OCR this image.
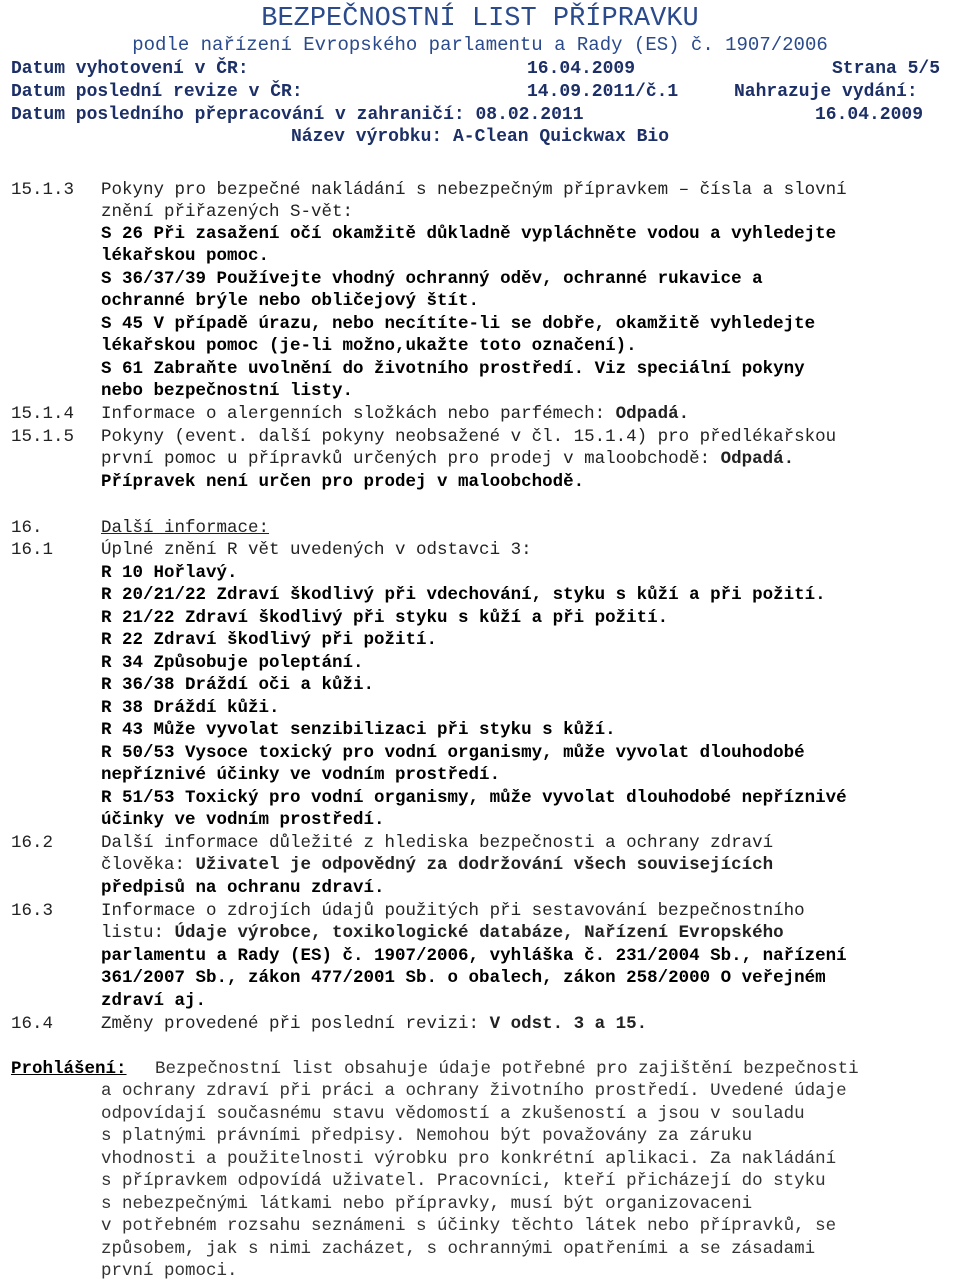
BEZPEČNOSTNÍ LIST PŘÍPRAVKU
podle nařízení Evropského parlamentu a Rady (ES) č. 1907/2006
Datum vyhotovení v ČR:	16.04.2009	Strana 5/5
Datum poslední revize v ČR:	14.09.2011/č.1	Nahrazuje vydání:
Datum posledního přepracování v zahraničí: 08.02.2011	16.04.2009
Název výrobku: A-Clean Quickwax Bio
15.1.3 Pokyny pro bezpečné nakládání s nebezpečným přípravkem – čísla a slovní
znění přiřazených S-vět:
S 26 Při zasažení očí okamžitě důkladně vypláchněte vodou a vyhledejte
lékařskou pomoc.
S 36/37/39 Používejte vhodný ochranný oděv, ochranné rukavice a
ochranné brýle nebo obličejový štít.
S 45 V případě úrazu, nebo necítíte-li se dobře, okamžitě vyhledejte
lékařskou pomoc (je-li možno,ukažte toto označení).
S 61 Zabraňte uvolnění do životního prostředí. Viz speciální pokyny
nebo bezpečnostní listy.
15.1.4 Informace o alergenních složkách nebo parfémech: Odpadá.
15.1.5 Pokyny (event. další pokyny neobsažené v čl. 15.1.4) pro předlékařskou
první pomoc u přípravků určených pro prodej v maloobchodě: Odpadá.
Přípravek není určen pro prodej v maloobchodě.
16.	Další informace:
16.1	Úplné znění R vět uvedených v odstavci 3:
R 10 Hořlavý.
R 20/21/22 Zdraví škodlivý při vdechování, styku s kůží a při požití.
R 21/22 Zdraví škodlivý při styku s kůží a při požití.
R 22 Zdraví škodlivý při požití.
R 34 Způsobuje poleptání.
R 36/38 Dráždí oči a kůži.
R 38 Dráždí kůži.
R 43 Může vyvolat senzibilizaci při styku s kůží.
R 50/53 Vysoce toxický pro vodní organismy, může vyvolat dlouhodobé
nepříznivé účinky ve vodním prostředí.
R 51/53 Toxický pro vodní organismy, může vyvolat dlouhodobé nepříznivé
účinky ve vodním prostředí.
16.2	Další informace důležité z hlediska bezpečnosti a ochrany zdraví
člověka: Uživatel je odpovědný za dodržování všech souvisejících
předpisů na ochranu zdraví.
16.3	Informace o zdrojích údajů použitých při sestavování bezpečnostního
listu: Údaje výrobce, toxikologické databáze, Nařízení Evropského
parlamentu a Rady (ES) č. 1907/2006, vyhláška č. 231/2004 Sb., nařízení
361/2007 Sb., zákon 477/2001 Sb. o obalech, zákon 258/2000 O veřejném
zdraví aj.
16.4	Změny provedené při poslední revizi: V odst. 3 a 15.
Prohlášení: Bezpečnostní list obsahuje údaje potřebné pro zajištění bezpečnosti
a ochrany zdraví při práci a ochrany životního prostředí. Uvedené údaje
odpovídají současnému stavu vědomostí a zkušeností a jsou v souladu
s platnými právními předpisy. Nemohou být považovány za záruku
vhodnosti a použitelnosti výrobku pro konkrétní aplikaci. Za nakládání
s přípravkem odpovídá uživatel. Pracovníci, kteří přicházejí do styku
s nebezpečnými látkami nebo přípravky, musí být organizovaceni
v potřebném rozsahu seznámeni s účinky těchto látek nebo přípravků, se
způsobem, jak s nimi zacházet, s ochrannými opatřeními a se zásadami
první pomoci.
